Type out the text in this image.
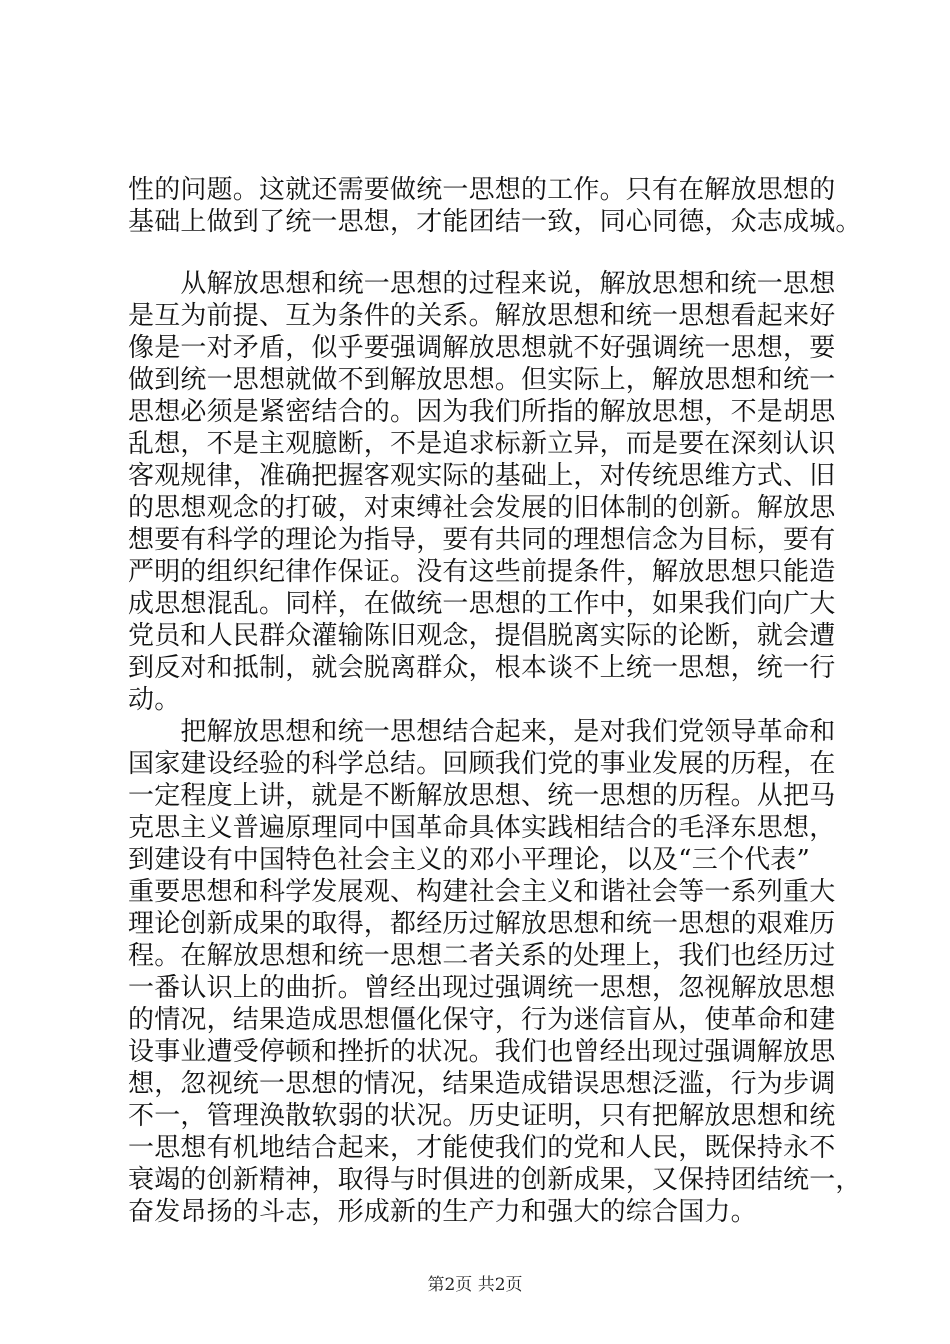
性的问题。这就还需要做统一思想的工作。只有在解放思想的
基础上做到了统一思想，才能团结一致，同心同德，众志成城。
　　从解放思想和统一思想的过程来说，解放思想和统一思想
是互为前提、互为条件的关系。解放思想和统一思想看起来好
像是一对矛盾，似乎要强调解放思想就不好强调统一思想，要
做到统一思想就做不到解放思想。但实际上，解放思想和统一
思想必须是紧密结合的。因为我们所指的解放思想，不是胡思
乱想，不是主观臆断，不是追求标新立异，而是要在深刻认识
客观规律，准确把握客观实际的基础上，对传统思维方式、旧
的思想观念的打破，对束缚社会发展的旧体制的创新。解放思
想要有科学的理论为指导，要有共同的理想信念为目标，要有
严明的组织纪律作保证。没有这些前提条件，解放思想只能造
成思想混乱。同样，在做统一思想的工作中，如果我们向广大
党员和人民群众灌输陈旧观念，提倡脱离实际的论断，就会遭
到反对和抵制，就会脱离群众，根本谈不上统一思想，统一行
动。
　　把解放思想和统一思想结合起来，是对我们党领导革命和
国家建设经验的科学总结。回顾我们党的事业发展的历程，在
一定程度上讲，就是不断解放思想、统一思想的历程。从把马
克思主义普遍原理同中国革命具体实践相结合的毛泽东思想，
到建设有中国特色社会主义的邓小平理论，以及“三个代表”
重要思想和科学发展观、构建社会主义和谐社会等一系列重大
理论创新成果的取得，都经历过解放思想和统一思想的艰难历
程。在解放思想和统一思想二者关系的处理上，我们也经历过
一番认识上的曲折。曾经出现过强调统一思想，忽视解放思想
的情况，结果造成思想僵化保守，行为迷信盲从，使革命和建
设事业遭受停顿和挫折的状况。我们也曾经出现过强调解放思
想，忽视统一思想的情况，结果造成错误思想泛滥，行为步调
不一，管理涣散软弱的状况。历史证明，只有把解放思想和统
一思想有机地结合起来，才能使我们的党和人民，既保持永不
衰竭的创新精神，取得与时俱进的创新成果，又保持团结统一，
奋发昂扬的斗志，形成新的生产力和强大的综合国力。
第2页 共2页
